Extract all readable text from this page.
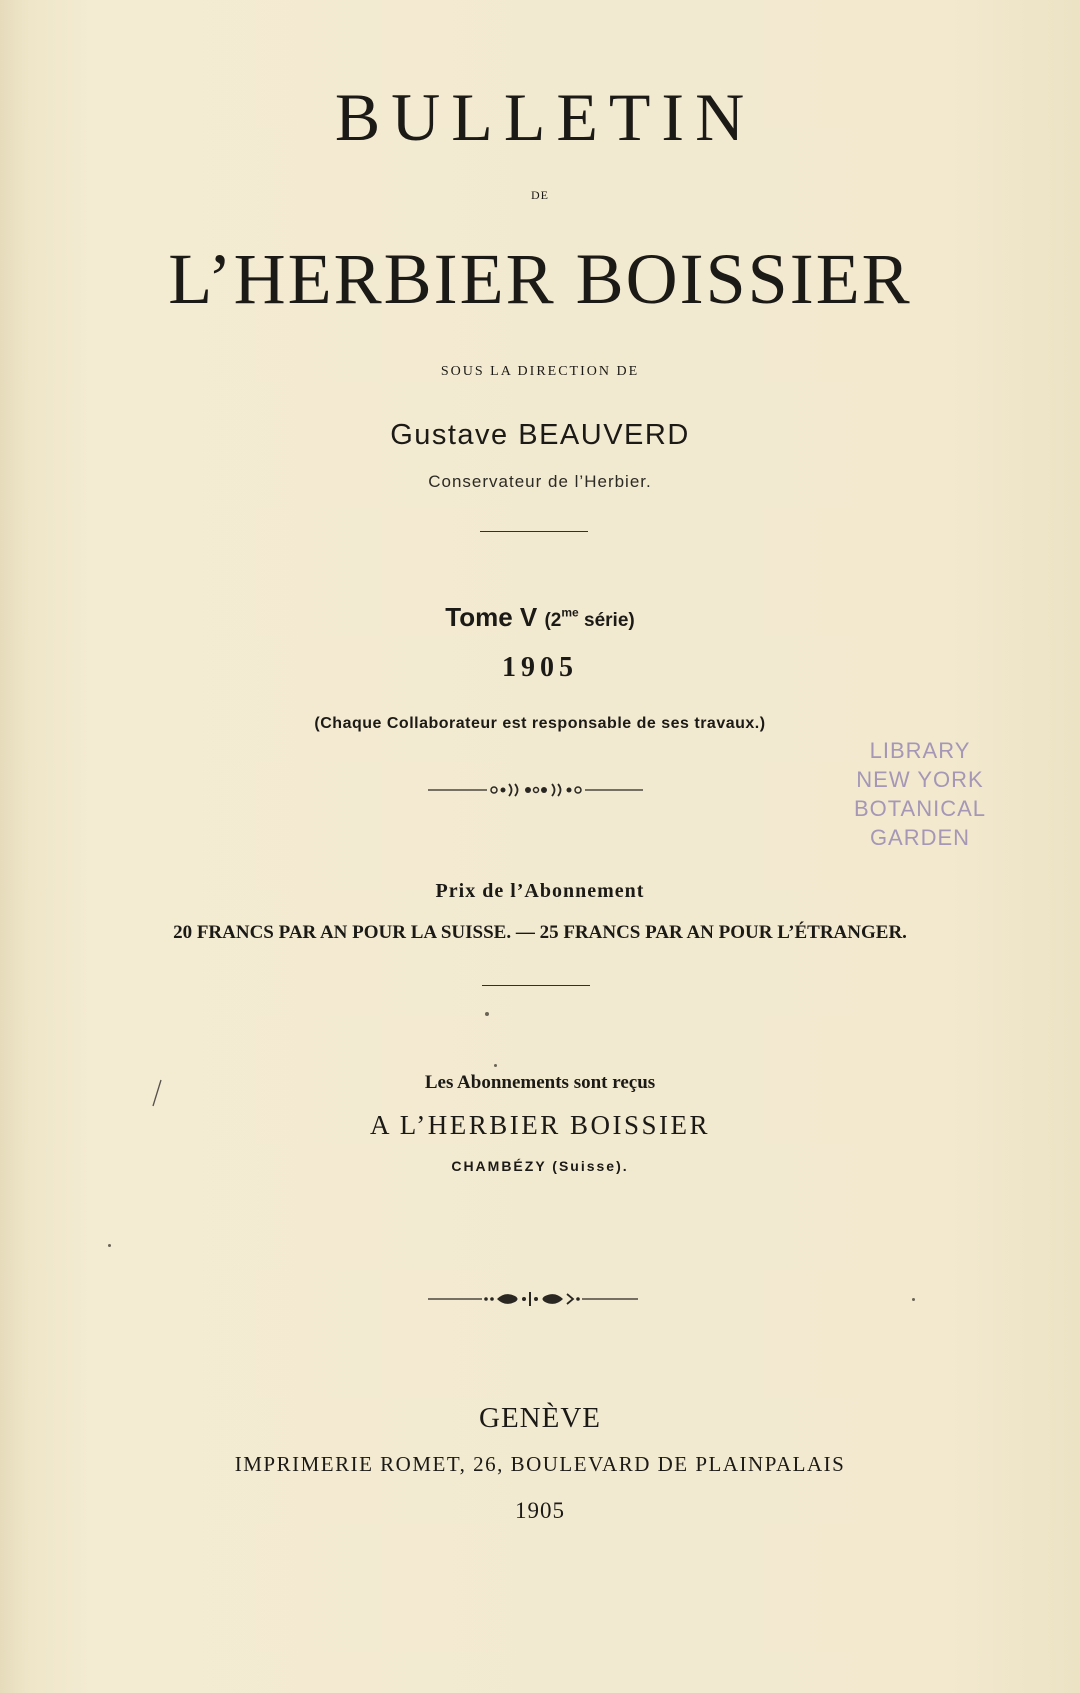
BULLETIN
DE
L’HERBIER BOISSIER
SOUS LA DIRECTION DE
Gustave BEAUVERD
Conservateur de l’Herbier.
Tome V ($2^{me}$ série)
1905
(Chaque Collaborateur est responsable de ses travaux.)
LIBRARY
NEW YORK
BOTANICAL
GARDEN
Prix de l’Abonnement
20 FRANCS PAR AN POUR LA SUISSE. — 25 FRANCS PAR AN POUR L’ÉTRANGER.
Les Abonnements sont reçus
A L’HERBIER BOISSIER
CHAMBÉZY (Suisse).
GENÈVE
IMPRIMERIE ROMET, 26, BOULEVARD DE PLAINPALAIS
1905
